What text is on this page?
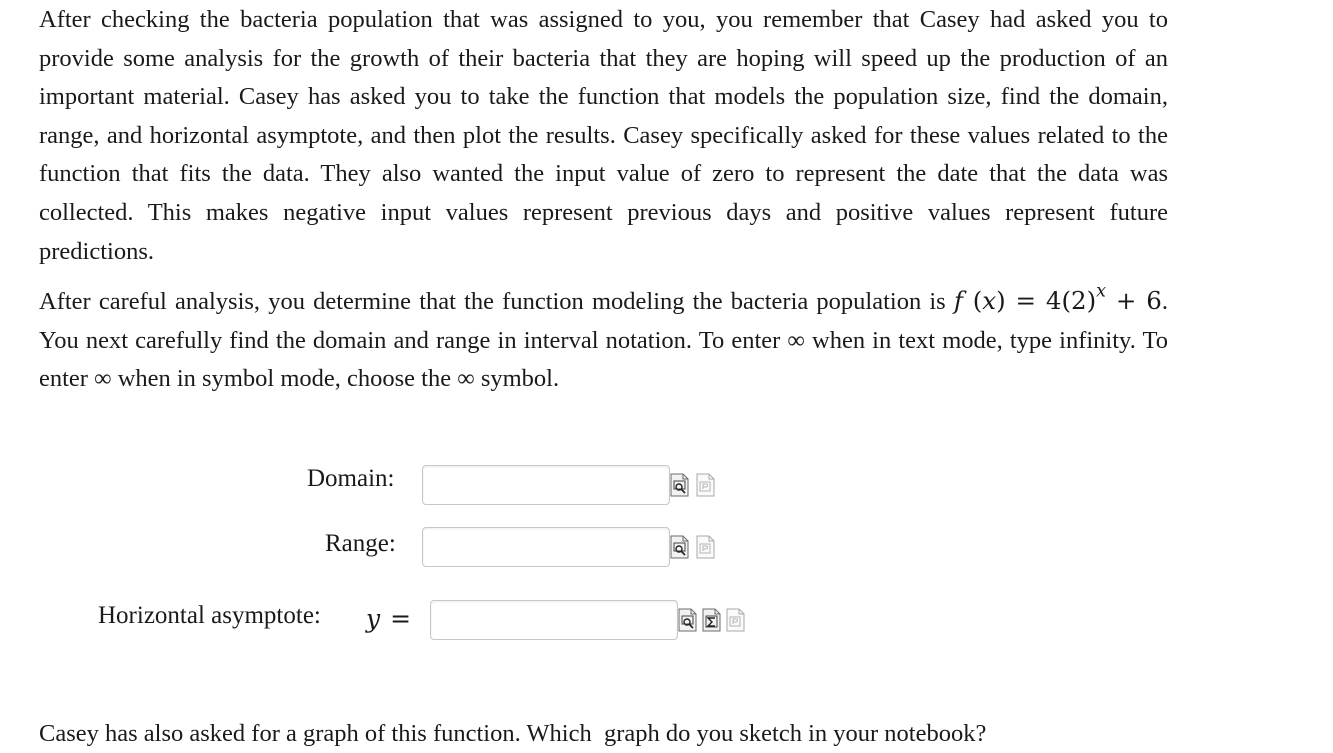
After checking the bacteria population that was assigned to you, you remember that Casey had asked you to provide some analysis for the growth of their bacteria that they are hoping will speed up the production of an important material. Casey has asked you to take the function that models the population size, find the domain, range, and horizontal asymptote, and then plot the results. Casey specifically asked for these values related to the function that fits the data. They also wanted the input value of zero to represent the date that the data was collected. This makes negative input values represent previous days and positive values represent future predictions.

After careful analysis, you determine that the function modeling the bacteria population is f $(x) = 4(2)^x + 6$. You next carefully find the domain and range in interval notation. To enter ∞ when in text mode, type infinity. To enter ∞ when in symbol mode, choose the ∞ symbol.

Domain:
Range:
Horizontal asymptote: y =

Casey has also asked for a graph of this function. Which  graph do you sketch in your notebook?
